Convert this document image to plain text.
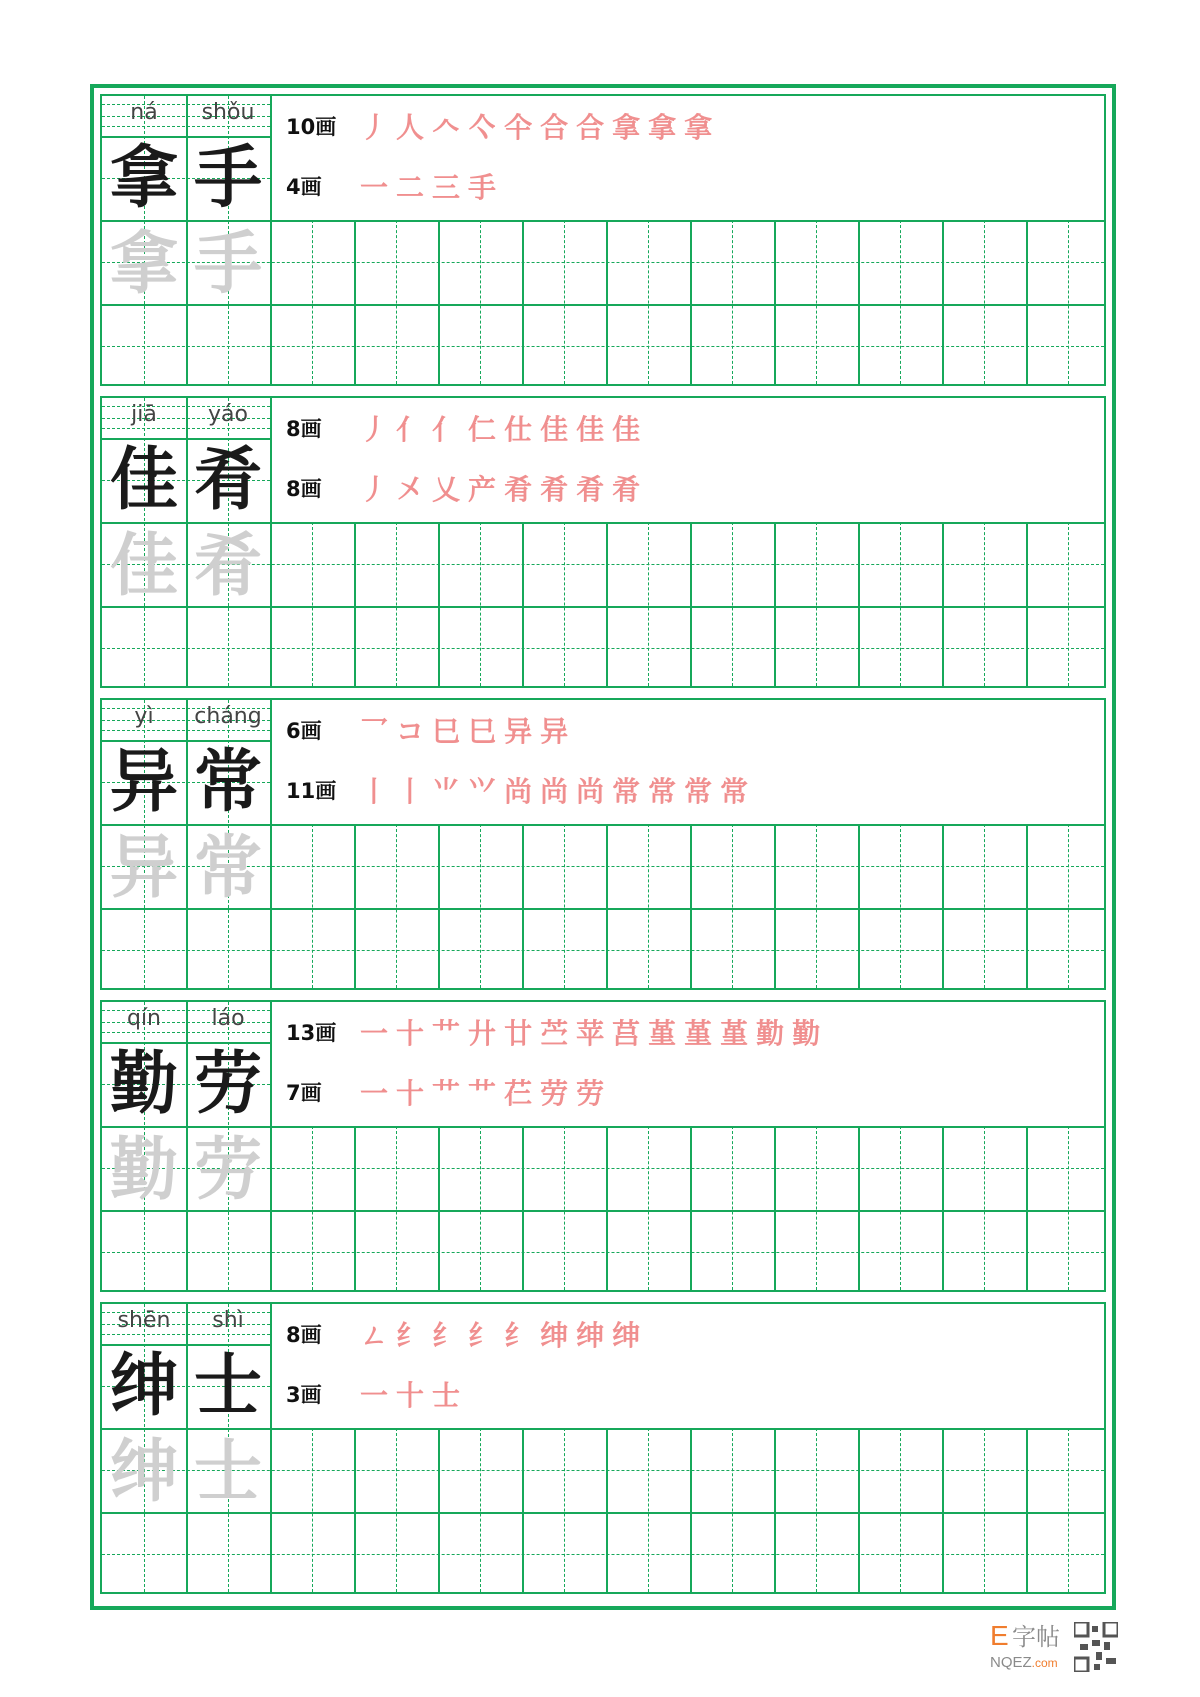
ná
拿
拿
10画 丿人𠆢亽仐合合拿拿拿
shǒu
手
手
4画	一二三手
jiā
佳
佳
8画	丿亻亻仁仕佳佳佳
yáo
肴
肴
8画	丿㐅乂产肴肴肴肴
yì
异
异
6画	乛コ巳巳异异
cháng
常
常
11画 丨丨⺌⺍尚尚尚常常常常
qín
勤
勤
13画 一十艹廾廿苎苹莒堇堇堇勤勤
láo
劳
劳
7画	一十艹艹芢劳劳
shēn
绅
绅
8画	ㄥ纟纟纟纟绅绅绅
shì
士
士
3画	一十士
E 字帖
NQEZ.com
